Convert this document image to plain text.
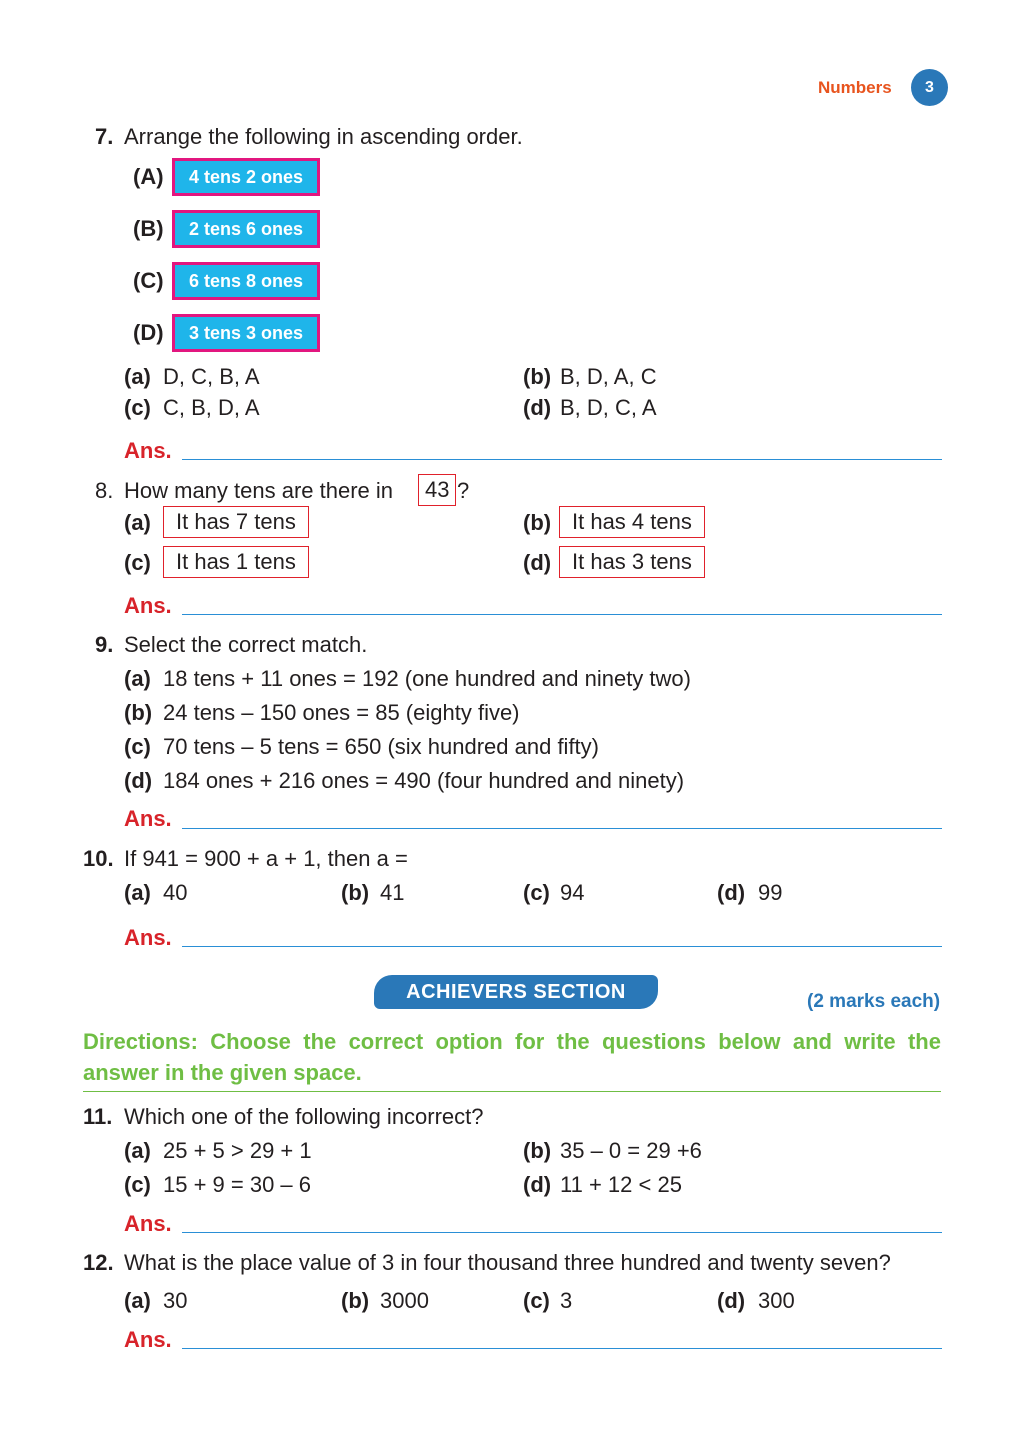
Numbers	3
7. Arrange the following in ascending order.
(A)	4 tens 2 ones
(B)	2 tens 6 ones
(C)	6 tens 8 ones
(D)	3 tens 3 ones
(a) D, C, B, A	(b) B, D, A, C
(c) C, B, D, A	(d) B, D, C, A
Ans.
8. How many tens are there in	43 ?
(a)	It has 7 tens	(b) It has 4 tens
(c)	It has 1 tens	(d) It has 3 tens
Ans.
9. Select the correct match.
(a) 18 tens + 11 ones = 192 (one hundred and ninety two)
(b) 24 tens – 150 ones = 85 (eighty five)
(c) 70 tens – 5 tens = 650 (six hundred and fifty)
(d) 184 ones + 216 ones = 490 (four hundred and ninety)
Ans.
10. If 941 = 900 + a + 1, then a =
(a) 40	(b) 41	(c) 94	(d) 99
Ans.
ACHIEVERS SECTION	(2 marks each)
Directions: Choose the correct option for the questions below and write the answer in the given space.
11. Which one of the following incorrect?
(a) 25 + 5 > 29 + 1	(b) 35 – 0 = 29 +6
(c) 15 + 9 = 30 – 6	(d) 11 + 12 < 25
Ans.
12. What is the place value of 3 in four thousand three hundred and twenty seven?
(a) 30	(b) 3000	(c) 3	(d) 300
Ans.
